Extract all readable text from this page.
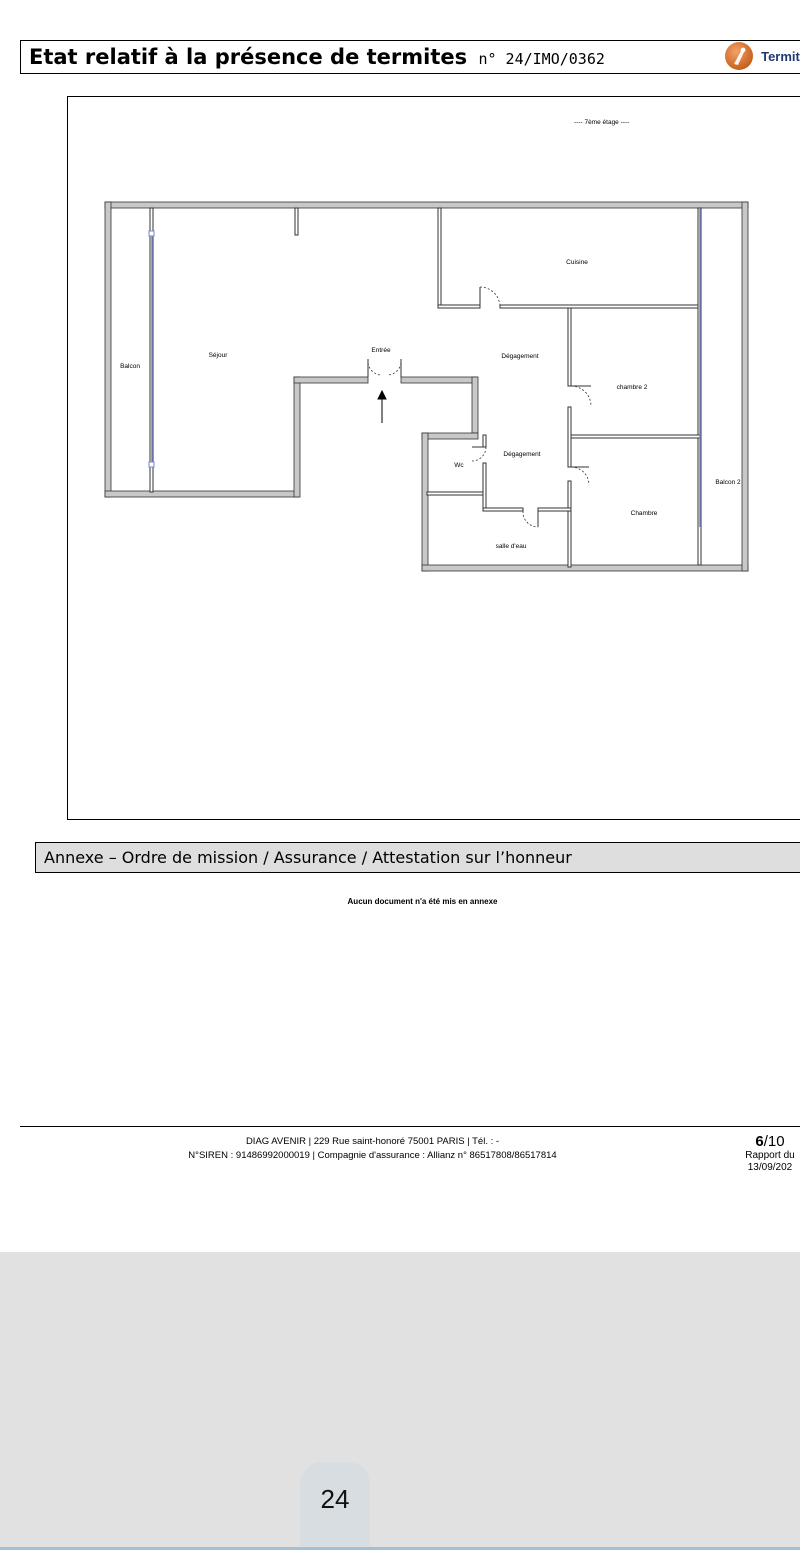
Etat relatif à la présence de termites n° 24/IMO/0362	Termit
---- 7ème étage ----
Balcon
Séjour
Entrée
Dégagement
Cuisine
chambre 2
Dégagement
Wc
Balcon 2
Chambre
salle d'eau
Annexe – Ordre de mission / Assurance / Attestation sur l’honneur
Aucun document n'a été mis en annexe
DIAG AVENIR | 229 Rue saint-honoré 75001 PARIS | Tél. : -
N°SIREN : 91486992000019 | Compagnie d'assurance : Allianz n° 86517808/86517814
6/10
Rapport du
13/09/202
24
